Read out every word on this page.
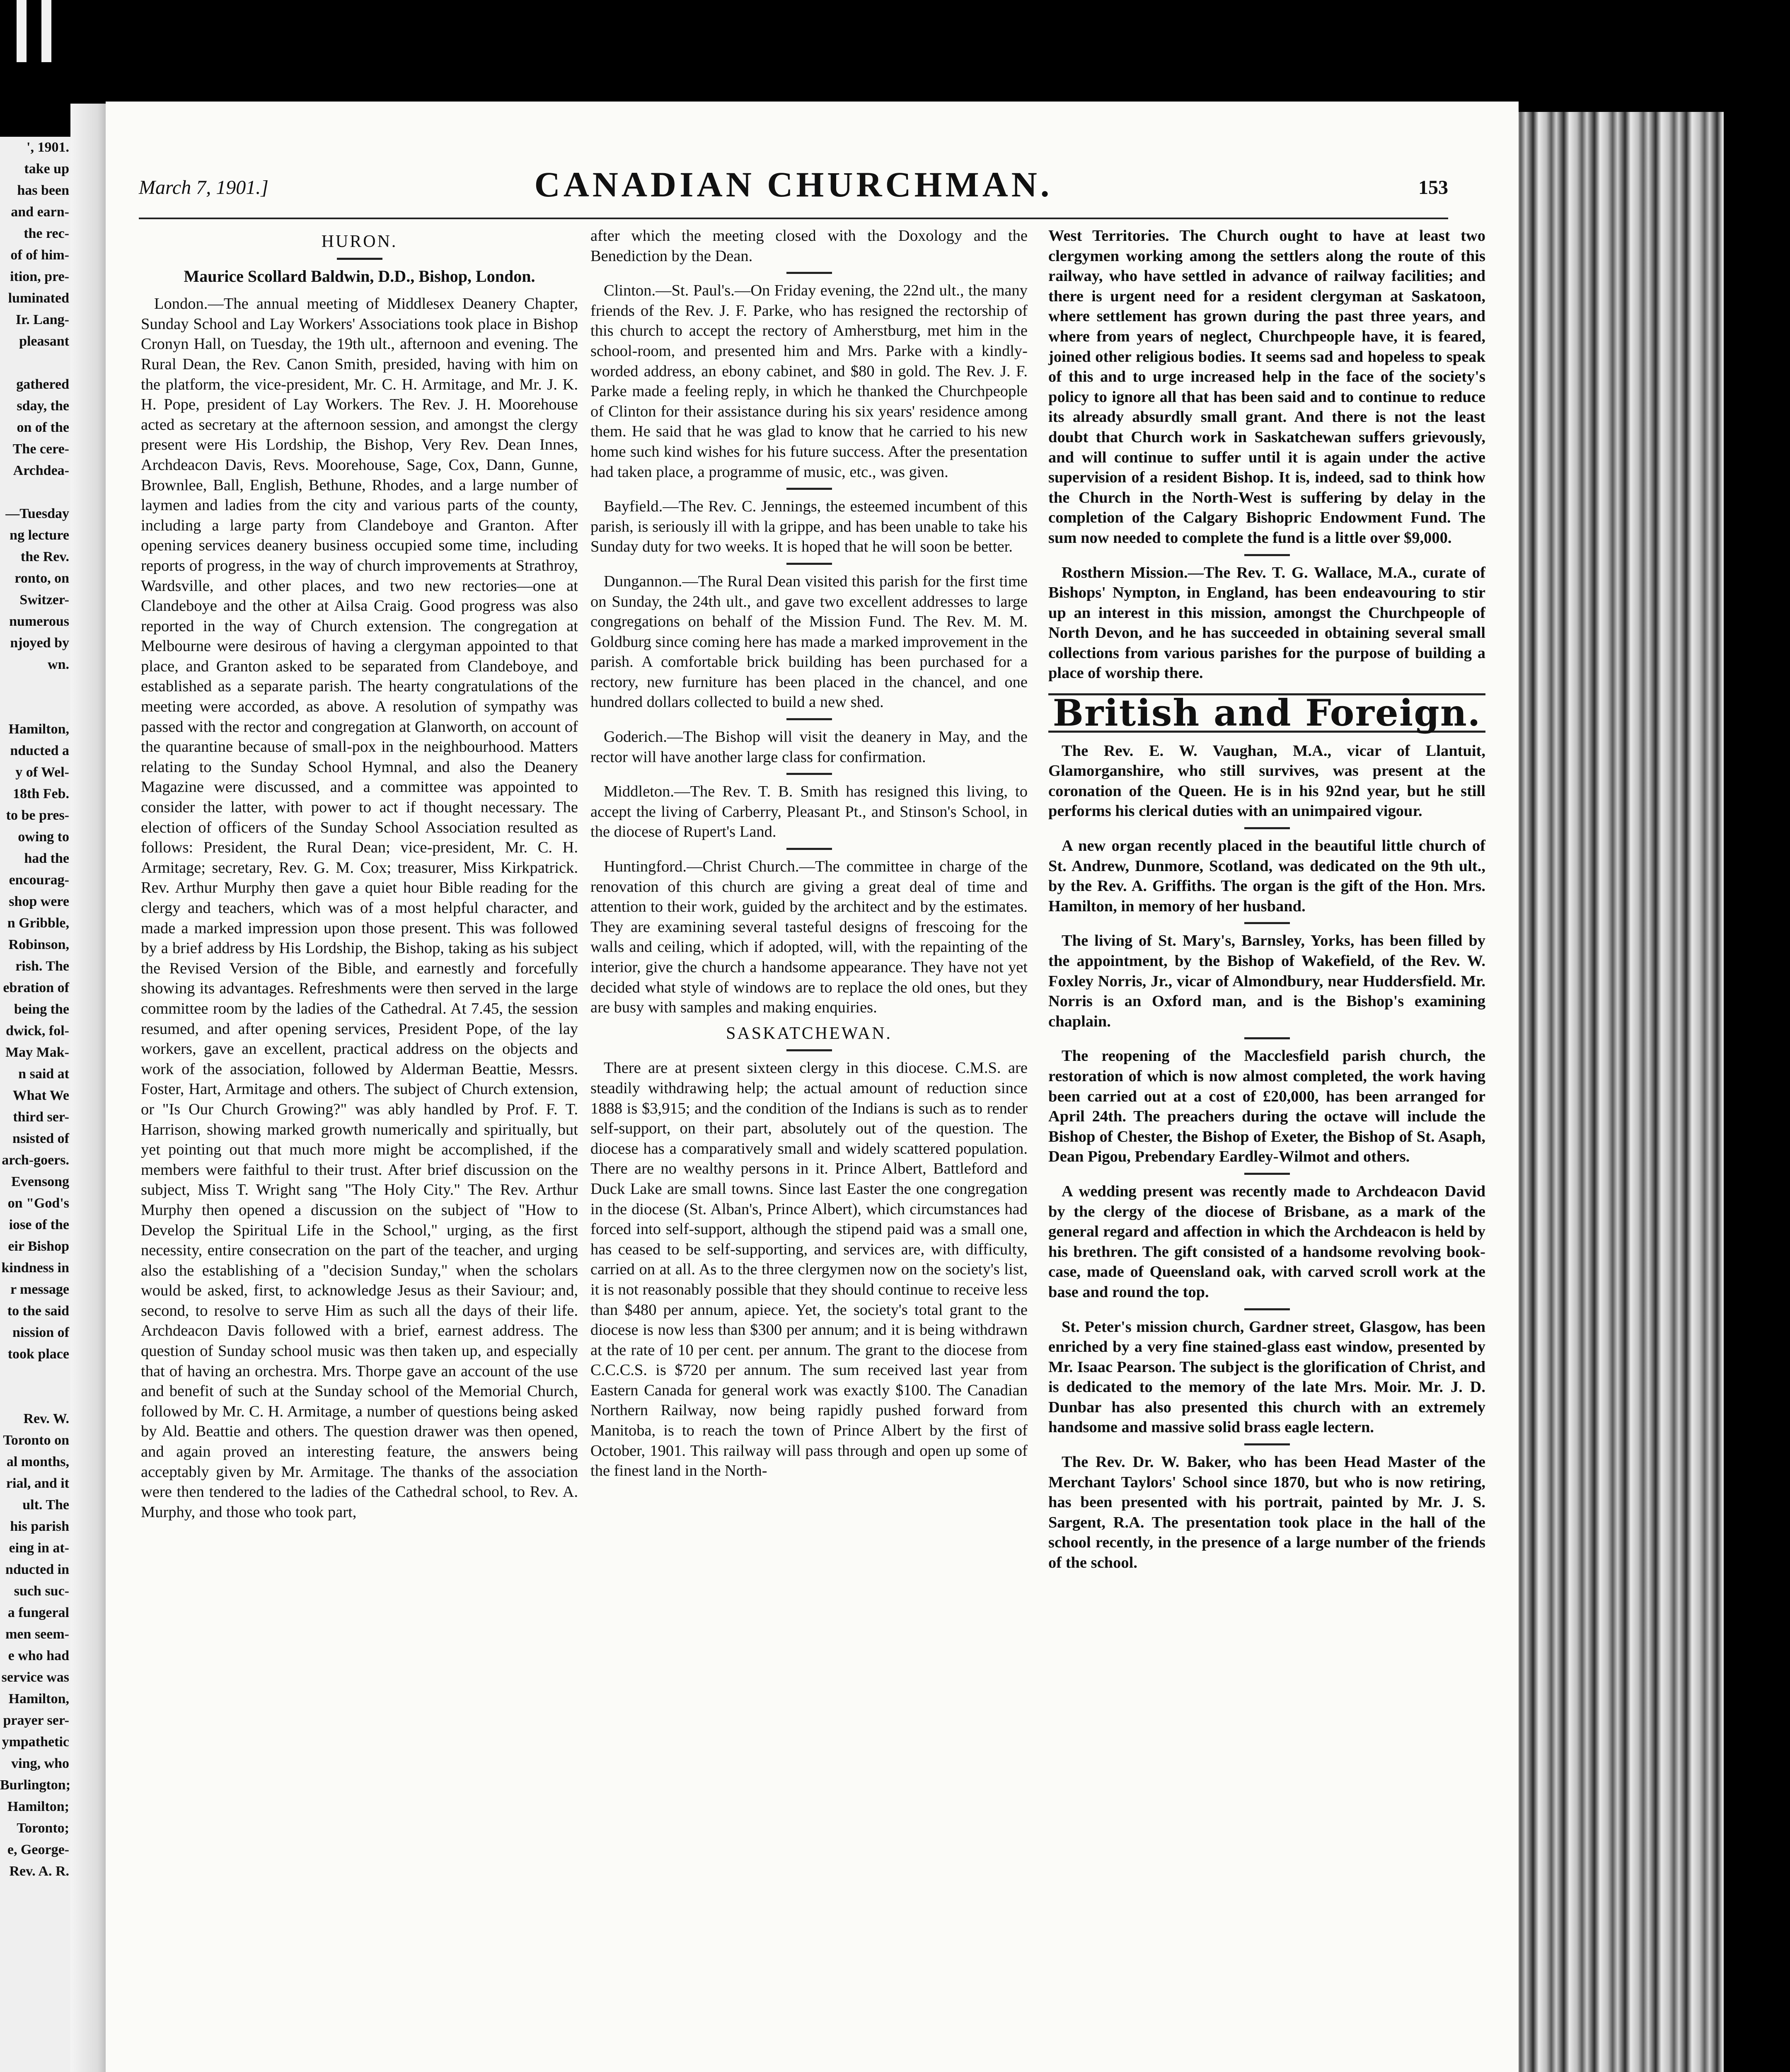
', 1901.
take up
has been
and earn-
the rec-
of of him-
ition, pre-
luminated
Ir. Lang-
pleasant
gathered
sday, the
on of the
The cere-
Archdea-
—Tuesday
ng lecture
the Rev.
ronto, on
Switzer-
numerous
njoyed by
wn.
Hamilton,
nducted a
y of Wel-
18th Feb.
to be pres-
owing to
had the
encourag-
shop were
n Gribble,
Robinson,
rish. The
ebration of
being the
dwick, fol-
May Mak-
n said at
What We
third ser-
nsisted of
arch-goers.
Evensong
on "God's
iose of the
eir Bishop
kindness in
r message
to the said
nission of
took place
Rev. W.
Toronto on
al months,
rial, and it
ult. The
his parish
eing in at-
nducted in
such suc-
a fungeral
men seem-
e who had
service was
Hamilton,
prayer ser-
ympathetic
ving, who
Burlington;
Hamilton;
Toronto;
e, George-
Rev. A. R.
March 7, 1901.]	CANADIAN CHURCHMAN.	153
HURON.
Maurice Scollard Baldwin, D.D., Bishop, London.

London.—The annual meeting of Middlesex Deanery Chapter, Sunday School and Lay Workers' Associations took place in Bishop Cronyn Hall, on Tuesday, the 19th ult., afternoon and evening. The Rural Dean, the Rev. Canon Smith, presided, having with him on the platform, the vice-president, Mr. C. H. Armitage, and Mr. J. K. H. Pope, president of Lay Workers. The Rev. J. H. Moorehouse acted as secretary at the afternoon session, and amongst the clergy present were His Lordship, the Bishop, Very Rev. Dean Innes, Archdeacon Davis, Revs. Moorehouse, Sage, Cox, Dann, Gunne, Brownlee, Ball, English, Bethune, Rhodes, and a large number of laymen and ladies from the city and various parts of the county, including a large party from Clandeboye and Granton. After opening services deanery business occupied some time, including reports of progress, in the way of church improvements at Strathroy, Wardsville, and other places, and two new rectories—one at Clandeboye and the other at Ailsa Craig. Good progress was also reported in the way of Church extension. The congregation at Melbourne were desirous of having a clergyman appointed to that place, and Granton asked to be separated from Clandeboye, and established as a separate parish. The hearty congratulations of the meeting were accorded, as above. A resolution of sympathy was passed with the rector and congregation at Glanworth, on account of the quarantine because of small-pox in the neighbourhood. Matters relating to the Sunday School Hymnal, and also the Deanery Magazine were discussed, and a committee was appointed to consider the latter, with power to act if thought necessary. The election of officers of the Sunday School Association resulted as follows: President, the Rural Dean; vice-president, Mr. C. H. Armitage; secretary, Rev. G. M. Cox; treasurer, Miss Kirkpatrick. Rev. Arthur Murphy then gave a quiet hour Bible reading for the clergy and teachers, which was of a most helpful character, and made a marked impression upon those present. This was followed by a brief address by His Lordship, the Bishop, taking as his subject the Revised Version of the Bible, and earnestly and forcefully showing its advantages. Refreshments were then served in the large committee room by the ladies of the Cathedral. At 7.45, the session resumed, and after opening services, President Pope, of the lay workers, gave an excellent, practical address on the objects and work of the association, followed by Alderman Beattie, Messrs. Foster, Hart, Armitage and others. The subject of Church extension, or "Is Our Church Growing?" was ably handled by Prof. F. T. Harrison, showing marked growth numerically and spiritually, but yet pointing out that much more might be accomplished, if the members were faithful to their trust. After brief discussion on the subject, Miss T. Wright sang "The Holy City." The Rev. Arthur Murphy then opened a discussion on the subject of "How to Develop the Spiritual Life in the School," urging, as the first necessity, entire consecration on the part of the teacher, and urging also the establishing of a "decision Sunday," when the scholars would be asked, first, to acknowledge Jesus as their Saviour; and, second, to resolve to serve Him as such all the days of their life. Archdeacon Davis followed with a brief, earnest address. The question of Sunday school music was then taken up, and especially that of having an orchestra. Mrs. Thorpe gave an account of the use and benefit of such at the Sunday school of the Memorial Church, followed by Mr. C. H. Armitage, a number of questions being asked by Ald. Beattie and others. The question drawer was then opened, and again proved an interesting feature, the answers being acceptably given by Mr. Armitage. The thanks of the association were then tendered to the ladies of the Cathedral school, to Rev. A. Murphy, and those who took part,

after which the meeting closed with the Doxology and the Benediction by the Dean.

Clinton.—St. Paul's.—On Friday evening, the 22nd ult., the many friends of the Rev. J. F. Parke, who has resigned the rectorship of this church to accept the rectory of Amherstburg, met him in the school-room, and presented him and Mrs. Parke with a kindly-worded address, an ebony cabinet, and $80 in gold. The Rev. J. F. Parke made a feeling reply, in which he thanked the Churchpeople of Clinton for their assistance during his six years' residence among them. He said that he was glad to know that he carried to his new home such kind wishes for his future success. After the presentation had taken place, a programme of music, etc., was given.

Bayfield.—The Rev. C. Jennings, the esteemed incumbent of this parish, is seriously ill with la grippe, and has been unable to take his Sunday duty for two weeks. It is hoped that he will soon be better.

Dungannon.—The Rural Dean visited this parish for the first time on Sunday, the 24th ult., and gave two excellent addresses to large congregations on behalf of the Mission Fund. The Rev. M. M. Goldburg since coming here has made a marked improvement in the parish. A comfortable brick building has been purchased for a rectory, new furniture has been placed in the chancel, and one hundred dollars collected to build a new shed.

Goderich.—The Bishop will visit the deanery in May, and the rector will have another large class for confirmation.

Middleton.—The Rev. T. B. Smith has resigned this living, to accept the living of Carberry, Pleasant Pt., and Stinson's School, in the diocese of Rupert's Land.

Huntingford.—Christ Church.—The committee in charge of the renovation of this church are giving a great deal of time and attention to their work, guided by the architect and by the estimates. They are examining several tasteful designs of frescoing for the walls and ceiling, which if adopted, will, with the repainting of the interior, give the church a handsome appearance. They have not yet decided what style of windows are to replace the old ones, but they are busy with samples and making enquiries.

SASKATCHEWAN.

There are at present sixteen clergy in this diocese. C.M.S. are steadily withdrawing help; the actual amount of reduction since 1888 is $3,915; and the condition of the Indians is such as to render self-support, on their part, absolutely out of the question. The diocese has a comparatively small and widely scattered population. There are no wealthy persons in it. Prince Albert, Battleford and Duck Lake are small towns. Since last Easter the one congregation in the diocese (St. Alban's, Prince Albert), which circumstances had forced into self-support, although the stipend paid was a small one, has ceased to be self-supporting, and services are, with difficulty, carried on at all. As to the three clergymen now on the society's list, it is not reasonably possible that they should continue to receive less than $480 per annum, apiece. Yet, the society's total grant to the diocese is now less than $300 per annum; and it is being withdrawn at the rate of 10 per cent. per annum. The grant to the diocese from C.C.C.S. is $720 per annum. The sum received last year from Eastern Canada for general work was exactly $100. The Canadian Northern Railway, now being rapidly pushed forward from Manitoba, is to reach the town of Prince Albert by the first of October, 1901. This railway will pass through and open up some of the finest land in the North-

West Territories. The Church ought to have at least two clergymen working among the settlers along the route of this railway, who have settled in advance of railway facilities; and there is urgent need for a resident clergyman at Saskatoon, where settlement has grown during the past three years, and where from years of neglect, Churchpeople have, it is feared, joined other religious bodies. It seems sad and hopeless to speak of this and to urge increased help in the face of the society's policy to ignore all that has been said and to continue to reduce its already absurdly small grant. And there is not the least doubt that Church work in Saskatchewan suffers grievously, and will continue to suffer until it is again under the active supervision of a resident Bishop. It is, indeed, sad to think how the Church in the North-West is suffering by delay in the completion of the Calgary Bishopric Endowment Fund. The sum now needed to complete the fund is a little over $9,000.

Rosthern Mission.—The Rev. T. G. Wallace, M.A., curate of Bishops' Nympton, in England, has been endeavouring to stir up an interest in this mission, amongst the Churchpeople of North Devon, and he has succeeded in obtaining several small collections from various parishes for the purpose of building a place of worship there.

British and Foreign.

The Rev. E. W. Vaughan, M.A., vicar of Llantuit, Glamorganshire, who still survives, was present at the coronation of the Queen. He is in his 92nd year, but he still performs his clerical duties with an unimpaired vigour.

A new organ recently placed in the beautiful little church of St. Andrew, Dunmore, Scotland, was dedicated on the 9th ult., by the Rev. A. Griffiths. The organ is the gift of the Hon. Mrs. Hamilton, in memory of her husband.

The living of St. Mary's, Barnsley, Yorks, has been filled by the appointment, by the Bishop of Wakefield, of the Rev. W. Foxley Norris, Jr., vicar of Almondbury, near Huddersfield. Mr. Norris is an Oxford man, and is the Bishop's examining chaplain.

The reopening of the Macclesfield parish church, the restoration of which is now almost completed, the work having been carried out at a cost of £20,000, has been arranged for April 24th. The preachers during the octave will include the Bishop of Chester, the Bishop of Exeter, the Bishop of St. Asaph, Dean Pigou, Prebendary Eardley-Wilmot and others.

A wedding present was recently made to Archdeacon David by the clergy of the diocese of Brisbane, as a mark of the general regard and affection in which the Archdeacon is held by his brethren. The gift consisted of a handsome revolving book-case, made of Queensland oak, with carved scroll work at the base and round the top.

St. Peter's mission church, Gardner street, Glasgow, has been enriched by a very fine stained-glass east window, presented by Mr. Isaac Pearson. The subject is the glorification of Christ, and is dedicated to the memory of the late Mrs. Moir. Mr. J. D. Dunbar has also presented this church with an extremely handsome and massive solid brass eagle lectern.

The Rev. Dr. W. Baker, who has been Head Master of the Merchant Taylors' School since 1870, but who is now retiring, has been presented with his portrait, painted by Mr. J. S. Sargent, R.A. The presentation took place in the hall of the school recently, in the presence of a large number of the friends of the school.
